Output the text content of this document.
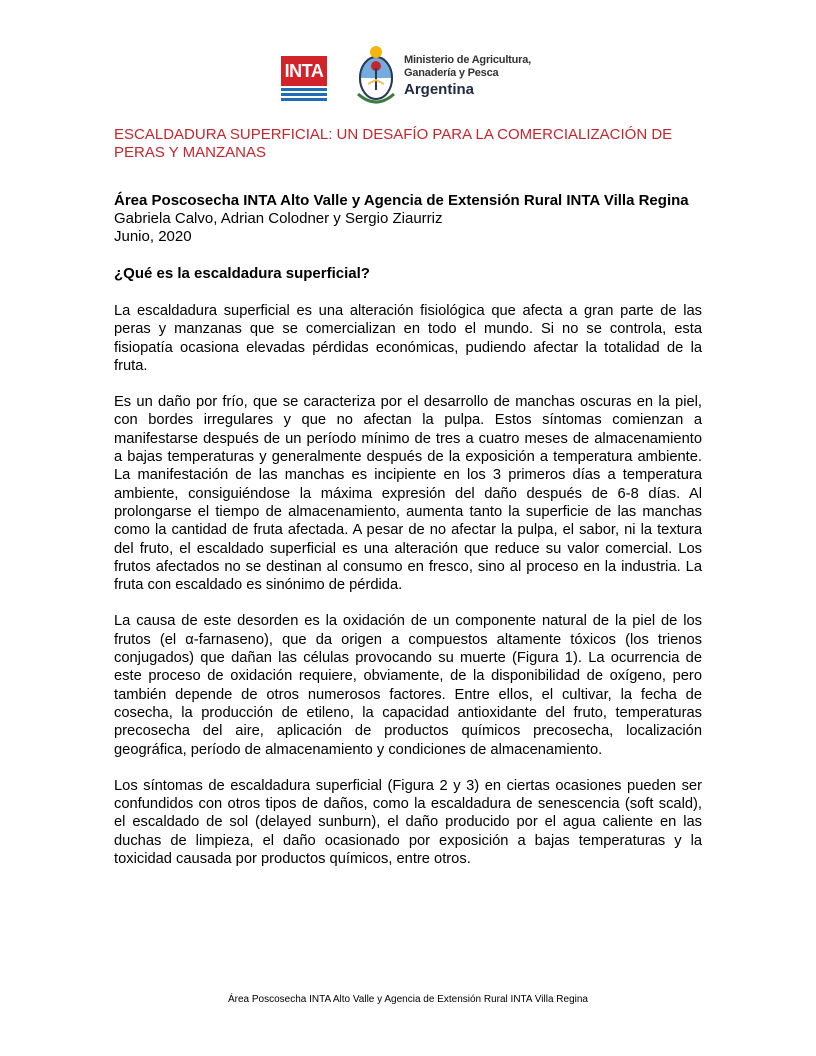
INTA
Ministerio de Agricultura,
Ganadería y Pesca
Argentina

ESCALDADURA SUPERFICIAL: UN DESAFÍO PARA LA COMERCIALIZACIÓN DE PERAS Y MANZANAS

Área Poscosecha INTA Alto Valle y Agencia de Extensión Rural INTA Villa Regina

Gabriela Calvo, Adrian Colodner y Sergio Ziaurriz

Junio, 2020

¿Qué es la escaldadura superficial?

La escaldadura superficial es una alteración fisiológica que afecta a gran parte de las peras y manzanas que se comercializan en todo el mundo. Si no se controla, esta fisiopatía ocasiona elevadas pérdidas económicas, pudiendo afectar la totalidad de la fruta.

Es un daño por frío, que se caracteriza por el desarrollo de manchas oscuras en la piel, con bordes irregulares y que no afectan la pulpa. Estos síntomas comienzan a manifestarse después de un período mínimo de tres a cuatro meses de almacenamiento a bajas temperaturas y generalmente después de la exposición a temperatura ambiente. La manifestación de las manchas es incipiente en los 3 primeros días a temperatura ambiente, consiguiéndose la máxima expresión del daño después de 6-8 días. Al prolongarse el tiempo de almacenamiento, aumenta tanto la superficie de las manchas como la cantidad de fruta afectada. A pesar de no afectar la pulpa, el sabor, ni la textura del fruto, el escaldado superficial es una alteración que reduce su valor comercial. Los frutos afectados no se destinan al consumo en fresco, sino al proceso en la industria. La fruta con escaldado es sinónimo de pérdida.

La causa de este desorden es la oxidación de un componente natural de la piel de los frutos (el α-farnaseno), que da origen a compuestos altamente tóxicos (los trienos conjugados) que dañan las células provocando su muerte (Figura 1). La ocurrencia de este proceso de oxidación requiere, obviamente, de la disponibilidad de oxígeno, pero también depende de otros numerosos factores. Entre ellos, el cultivar, la fecha de cosecha, la producción de etileno, la capacidad antioxidante del fruto, temperaturas precosecha del aire, aplicación de productos químicos precosecha, localización geográfica, período de almacenamiento y condiciones de almacenamiento.

Los síntomas de escaldadura superficial (Figura 2 y 3) en ciertas ocasiones pueden ser confundidos con otros tipos de daños, como la escaldadura de senescencia (soft scald), el escaldado de sol (delayed sunburn), el daño producido por el agua caliente en las duchas de limpieza, el daño ocasionado por exposición a bajas temperaturas y la toxicidad causada por productos químicos, entre otros.

Área Poscosecha INTA Alto Valle y Agencia de Extensión Rural INTA Villa Regina
